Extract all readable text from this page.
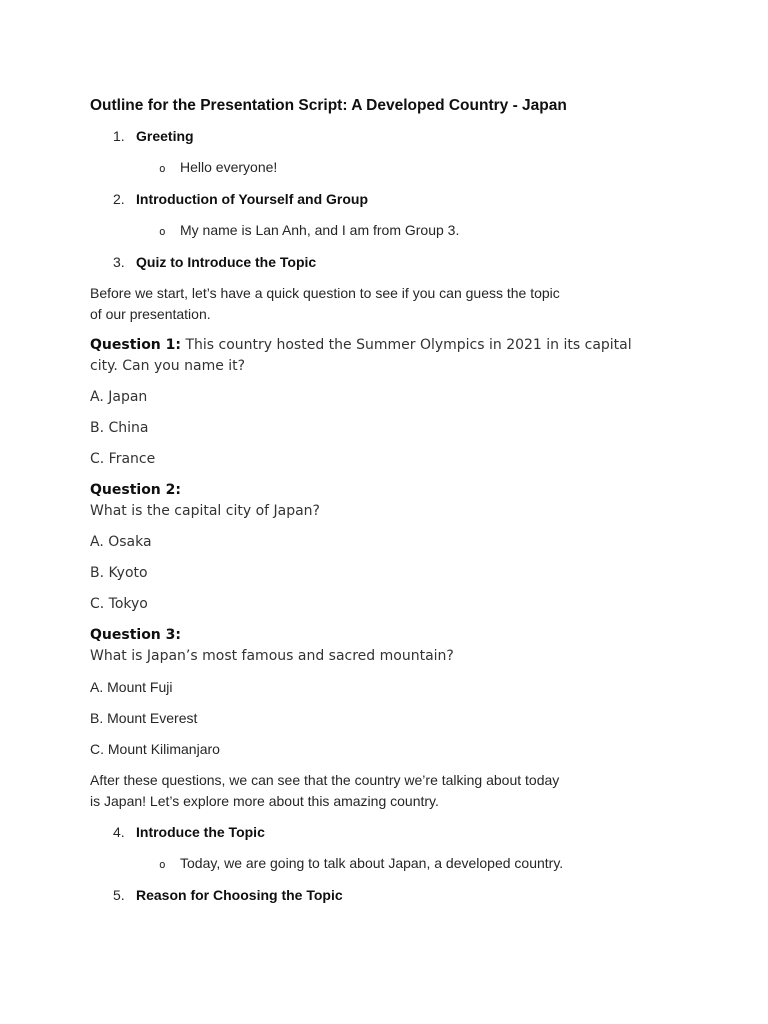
Outline for the Presentation Script: A Developed Country - Japan
1. Greeting
o Hello everyone!
2. Introduction of Yourself and Group
o My name is Lan Anh, and I am from Group 3.
3. Quiz to Introduce the Topic
Before we start, let’s have a quick question to see if you can guess the topic
of our presentation.
Question 1: This country hosted the Summer Olympics in 2021 in its capital
city. Can you name it?
A. Japan
B. China
C. France
Question 2:
What is the capital city of Japan?
A. Osaka
B. Kyoto
C. Tokyo
Question 3:
What is Japan’s most famous and sacred mountain?
A. Mount Fuji
B. Mount Everest
C. Mount Kilimanjaro
After these questions, we can see that the country we’re talking about today
is Japan! Let’s explore more about this amazing country.
4. Introduce the Topic
o Today, we are going to talk about Japan, a developed country.
5. Reason for Choosing the Topic
